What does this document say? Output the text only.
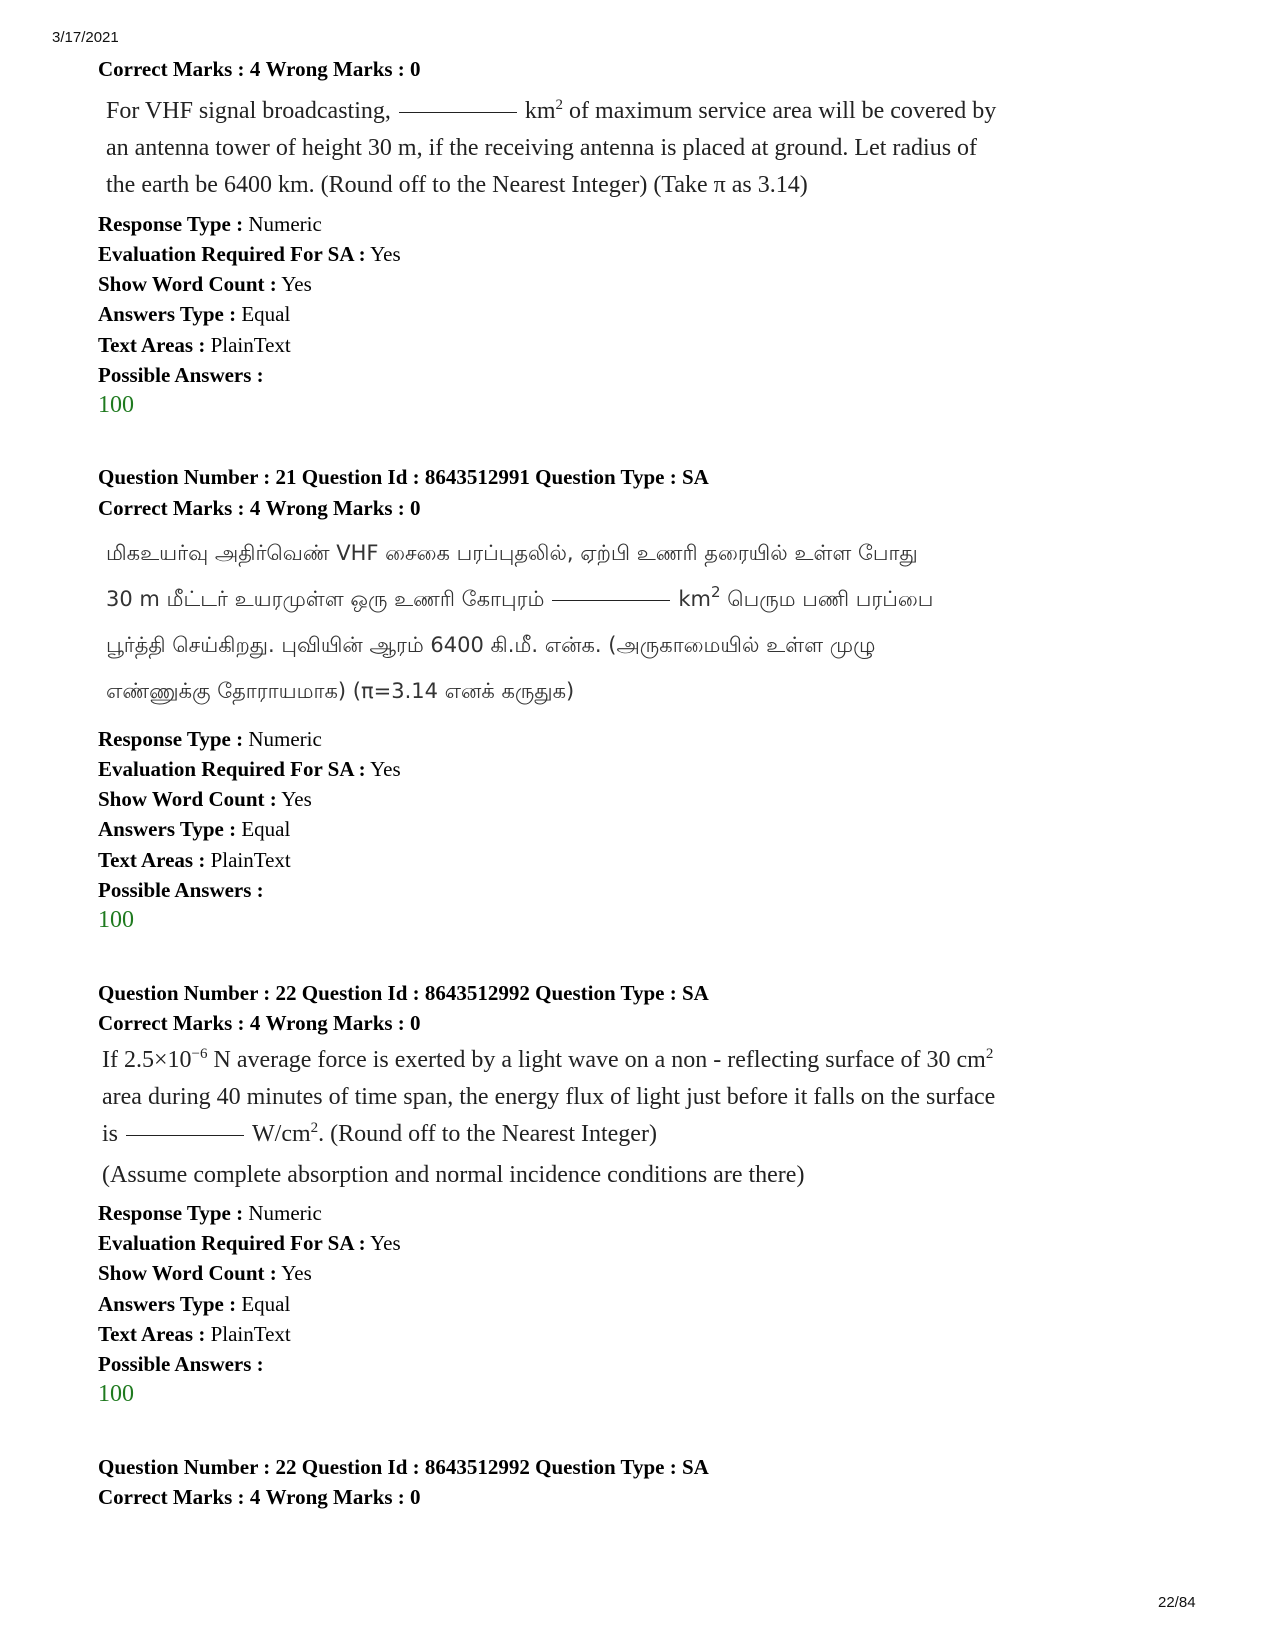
3/17/2021
Correct Marks : 4 Wrong Marks : 0
For VHF signal broadcasting,	$km^2$ of maximum service area will be covered by
an antenna tower of height 30 m, if the receiving antenna is placed at ground. Let radius of
the earth be 6400 km. (Round off to the Nearest Integer) (Take π as 3.14)
Response Type : Numeric
Evaluation Required For SA : Yes
Show Word Count : Yes
Answers Type : Equal
Text Areas : PlainText
Possible Answers :
100
Question Number : 21 Question Id : 8643512991 Question Type : SA
Correct Marks : 4 Wrong Marks : 0
மிகஉயர்வு அதிர்வெண் VHF சைகை பரப்புதலில், ஏற்பி உணரி தரையில் உள்ள போது
30 m மீட்டர் உயரமுள்ள ஒரு உணரி கோபுரம்	$km^2$ பெரும பணி பரப்பை
பூர்த்தி செய்கிறது. புவியின் ஆரம் 6400 கி.மீ. என்க. (அருகாமையில் உள்ள முழு
எண்ணுக்கு தோராயமாக) (π=3.14 எனக் கருதுக)
Response Type : Numeric
Evaluation Required For SA : Yes
Show Word Count : Yes
Answers Type : Equal
Text Areas : PlainText
Possible Answers :
100
Question Number : 22 Question Id : 8643512992 Question Type : SA
Correct Marks : 4 Wrong Marks : 0
If $2.5\times 10^{-6}$ N average force is exerted by a light wave on a non - reflecting surface of 30 $cm^2$
area during 40 minutes of time span, the energy flux of light just before it falls on the surface
is	$W/cm^2$. (Round off to the Nearest Integer)
(Assume complete absorption and normal incidence conditions are there)
Response Type : Numeric
Evaluation Required For SA : Yes
Show Word Count : Yes
Answers Type : Equal
Text Areas : PlainText
Possible Answers :
100
Question Number : 22 Question Id : 8643512992 Question Type : SA
Correct Marks : 4 Wrong Marks : 0
22/84
